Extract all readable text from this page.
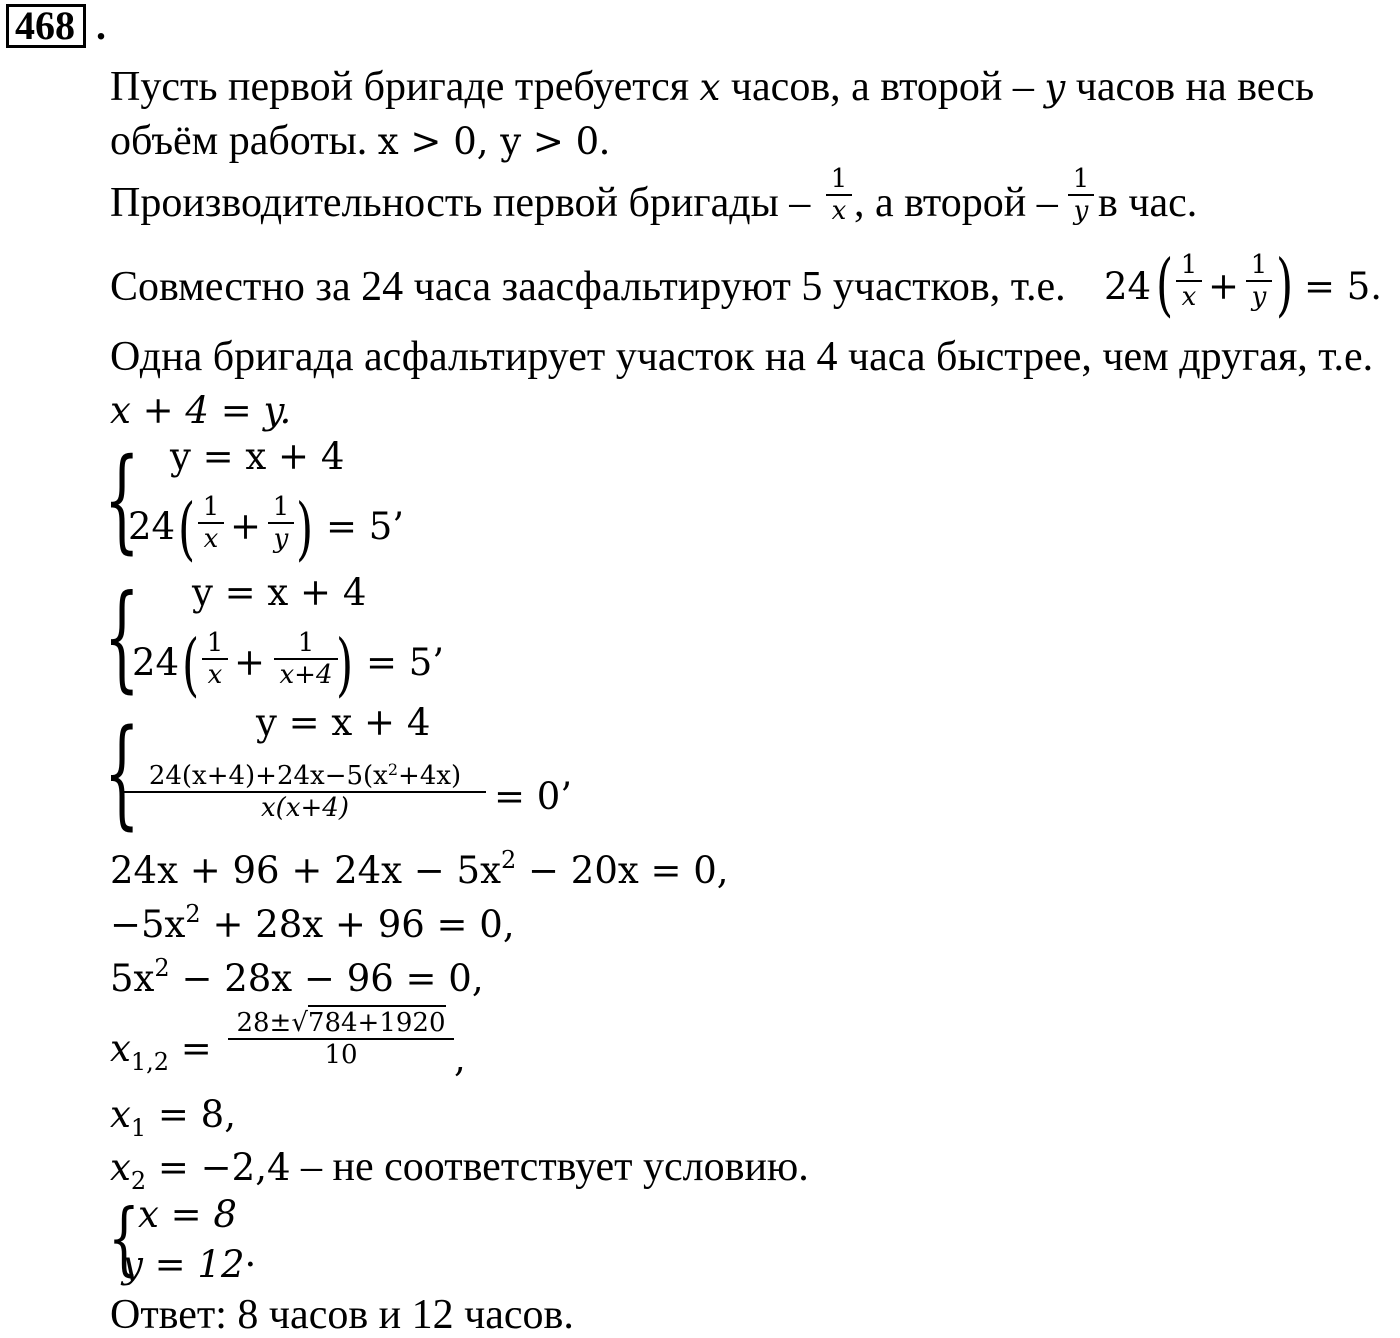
468 .
Пусть первой бригаде требуется x часов, а второй – y часов на весь
объём работы. x > 0, y > 0.
Производительность первой бригады –
1
x , а второй –
1
y в час.
Совместно за 24 часа заасфальтируют 5 участков, т.е. 24 ( 1
x + 1
y ) = 5.
Одна бригада асфальтирует участок на 4 часа быстрее, чем другая, т.е.
x + 4 = y.
{ y = x + 4
24 ( 1
x + 1
y ) = 5’
{ y = x + 4
24 ( 1
x + 1
x+4 ) = 5’
{	y = x + 4
$24(x+4)+24x-5(x^2+4x)$
x(x+4)	= 0’
$24x + 96 + 24x - 5x^2 - 20x = 0$,
$-5x^2 + 28x + 96 = 0$,
$5x^2 - 28x - 96 = 0$,
$x_{1,2}$ =
28±√784+1920
10	,
$x_1 = 8$,
$x_2 = -2,4$ – не соответствует условию.
{
x = 8
y = 12·
Ответ: 8 часов и 12 часов.
